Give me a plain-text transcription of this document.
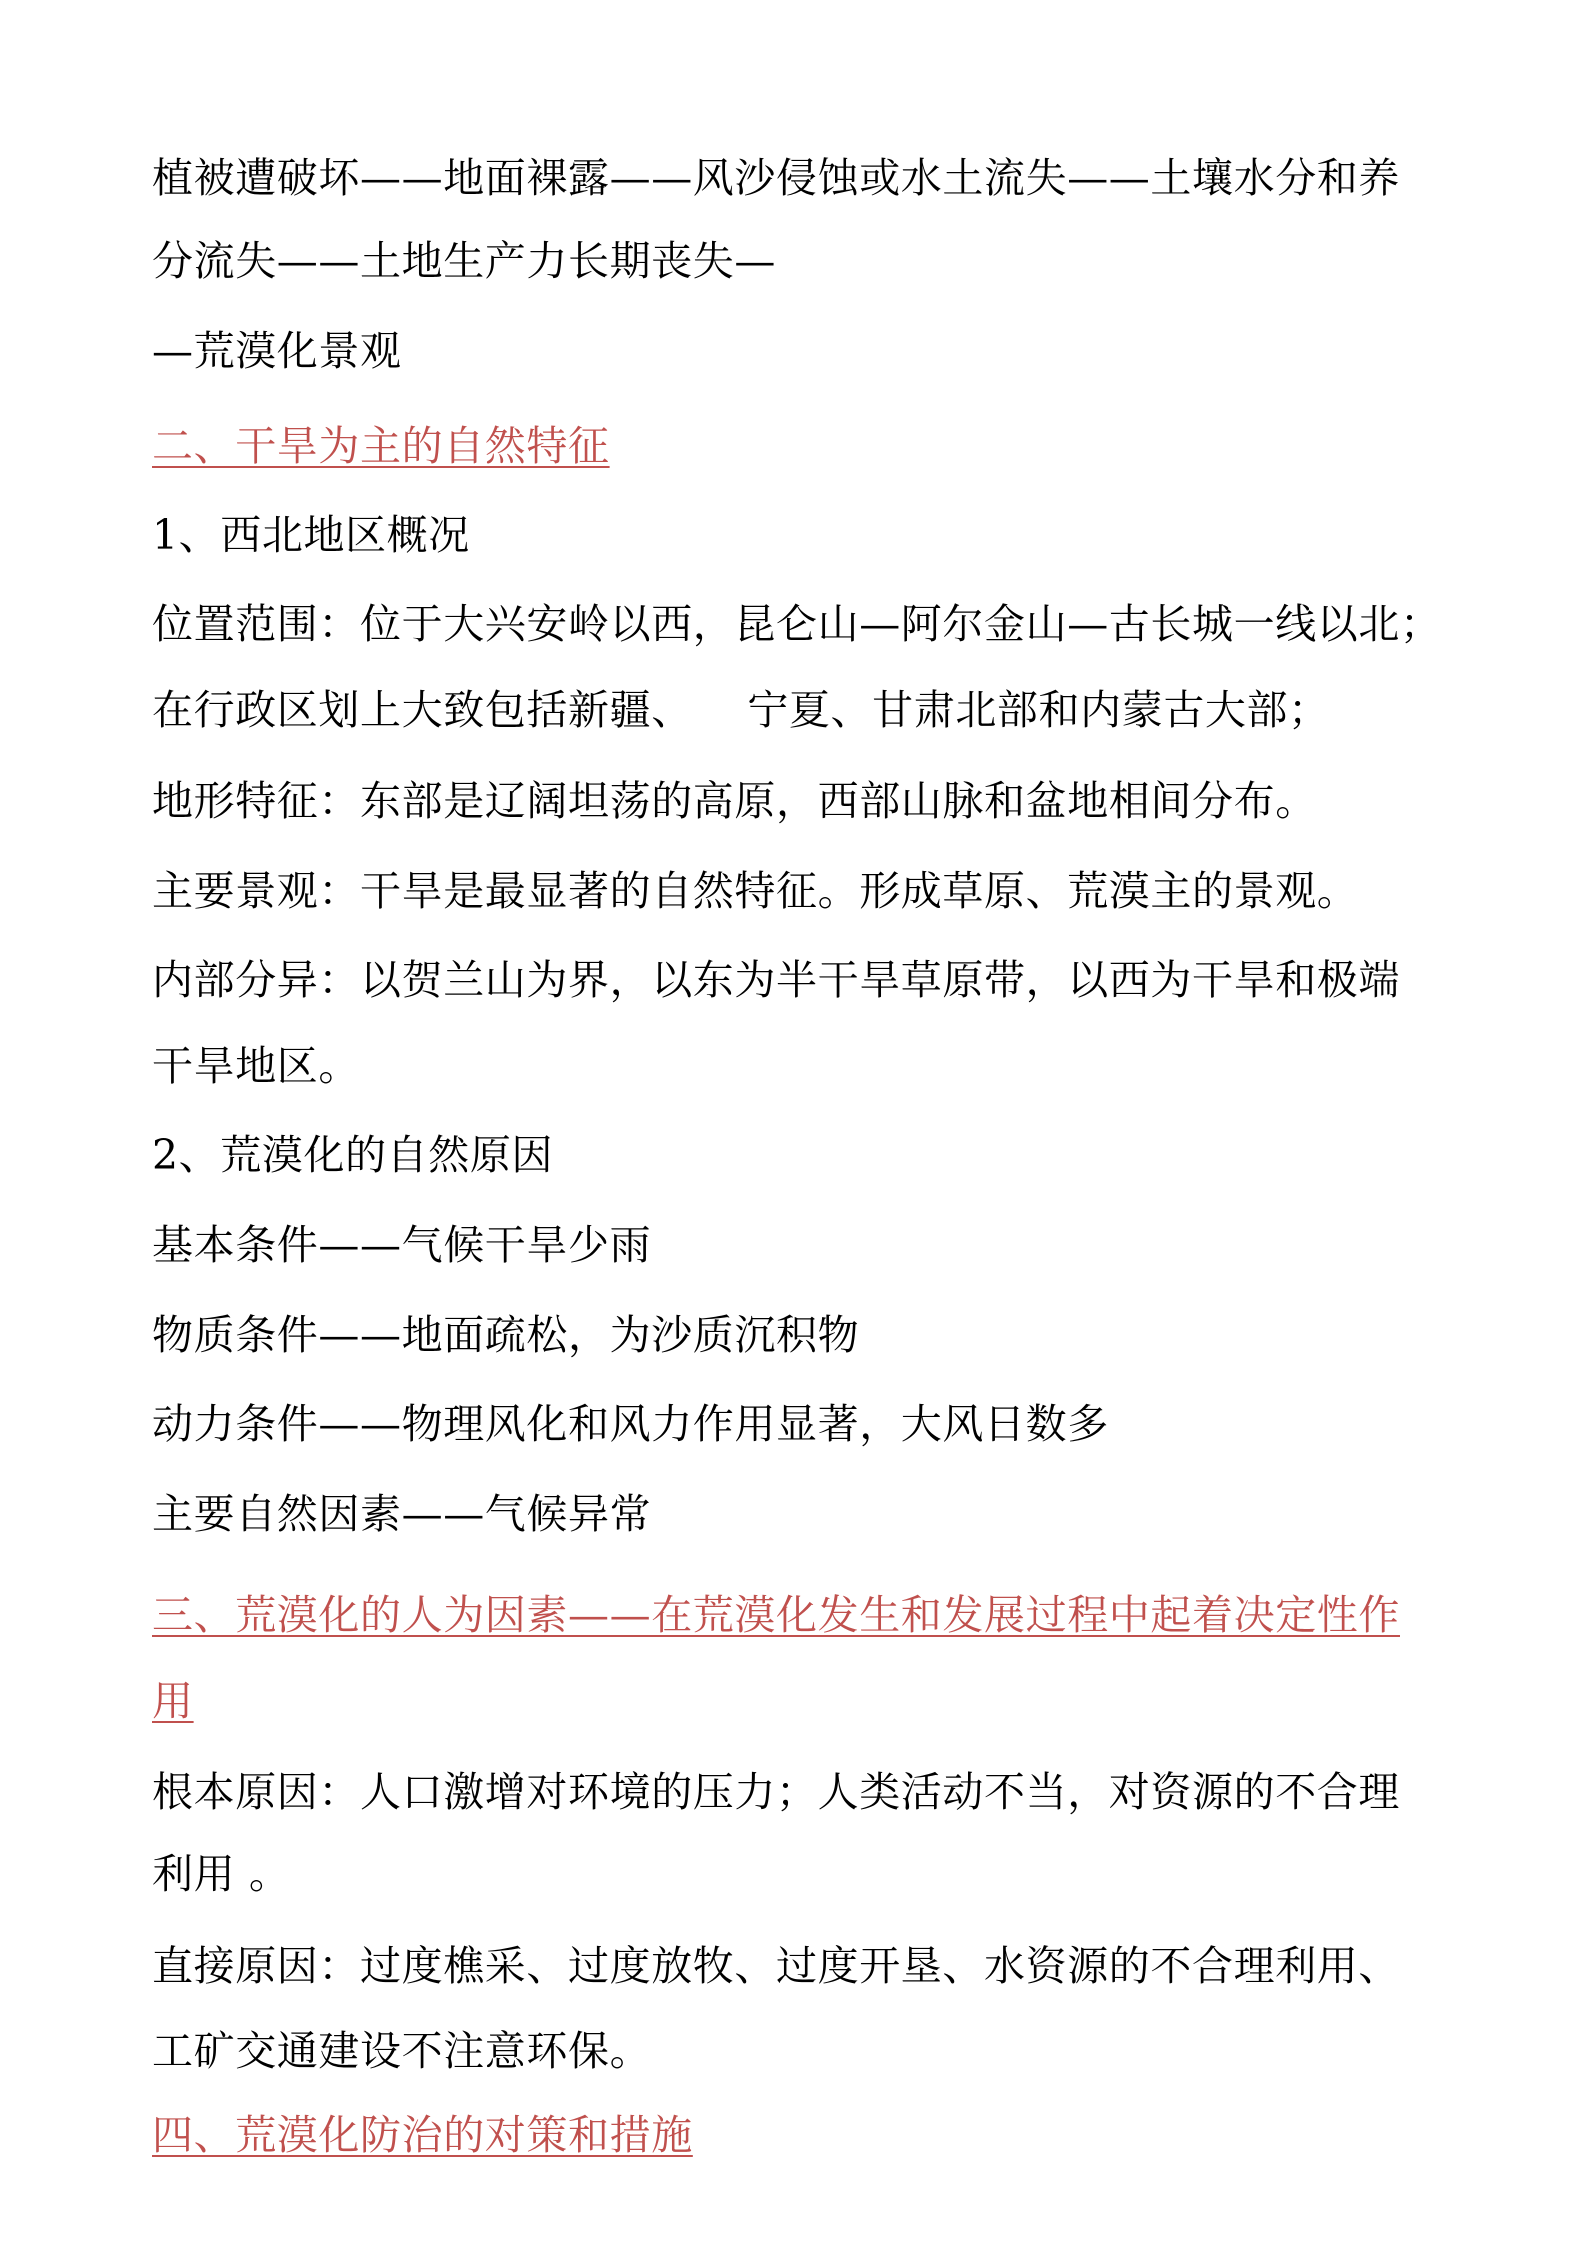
植被遭破坏——地面裸露——风沙侵蚀或水土流失——土壤水分和养
分流失——土地生产力长期丧失—
—荒漠化景观
二、干旱为主的自然特征
1、西北地区概况
位置范围：位于大兴安岭以西，昆仑山—阿尔金山—古长城一线以北；
在行政区划上大致包括新疆、    宁夏、甘肃北部和内蒙古大部；
地形特征：东部是辽阔坦荡的高原，西部山脉和盆地相间分布。
主要景观：干旱是最显著的自然特征。形成草原、荒漠主的景观。
内部分异：以贺兰山为界，以东为半干旱草原带，以西为干旱和极端
干旱地区。
2、荒漠化的自然原因
基本条件——气候干旱少雨
物质条件——地面疏松，为沙质沉积物
动力条件——物理风化和风力作用显著，大风日数多
主要自然因素——气候异常
三、荒漠化的人为因素——在荒漠化发生和发展过程中起着决定性作
用
根本原因：人口激增对环境的压力；人类活动不当，对资源的不合理
利用 。
直接原因：过度樵采、过度放牧、过度开垦、水资源的不合理利用、
工矿交通建设不注意环保。
四、荒漠化防治的对策和措施
